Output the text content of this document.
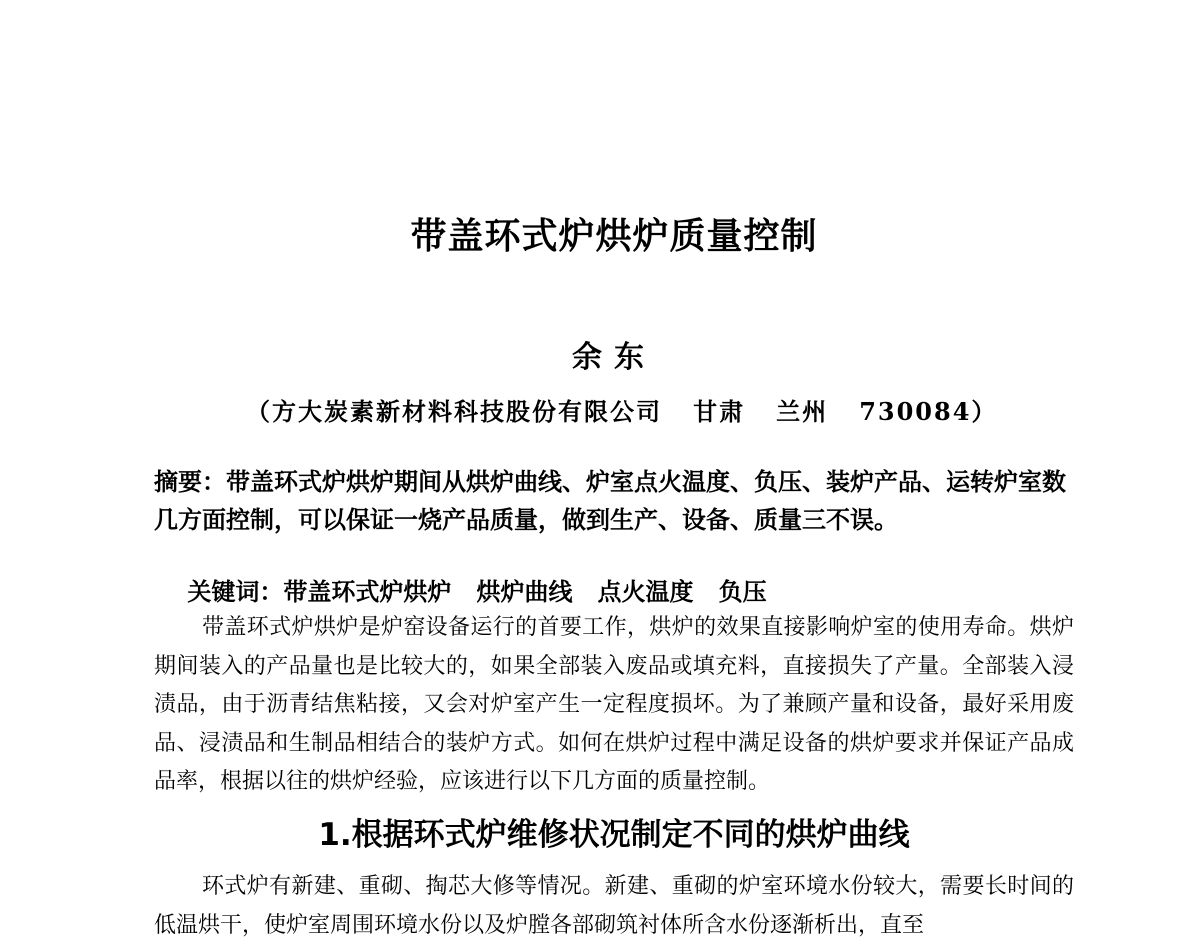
带盖环式炉烘炉质量控制
余东
（方大炭素新材料科技股份有限公司   甘肃   兰州   730084）
摘要：带盖环式炉烘炉期间从烘炉曲线、炉室点火温度、负压、装炉产品、运转炉室数几方面控制，可以保证一烧产品质量，做到生产、设备、质量三不误。

关键词：带盖环式炉烘炉   烘炉曲线   点火温度   负压

带盖环式炉烘炉是炉窑设备运行的首要工作，烘炉的效果直接影响炉室的使用寿命。烘炉期间装入的产品量也是比较大的，如果全部装入废品或填充料，直接损失了产量。全部装入浸渍品，由于沥青结焦粘接，又会对炉室产生一定程度损坏。为了兼顾产量和设备，最好采用废品、浸渍品和生制品相结合的装炉方式。如何在烘炉过程中满足设备的烘炉要求并保证产品成品率，根据以往的烘炉经验，应该进行以下几方面的质量控制。

1.根据环式炉维修状况制定不同的烘炉曲线

环式炉有新建、重砌、掏芯大修等情况。新建、重砌的炉室环境水份较大，需要长时间的低温烘干，使炉室周围环境水份以及炉膛各部砌筑衬体所含水份逐渐析出，直至
